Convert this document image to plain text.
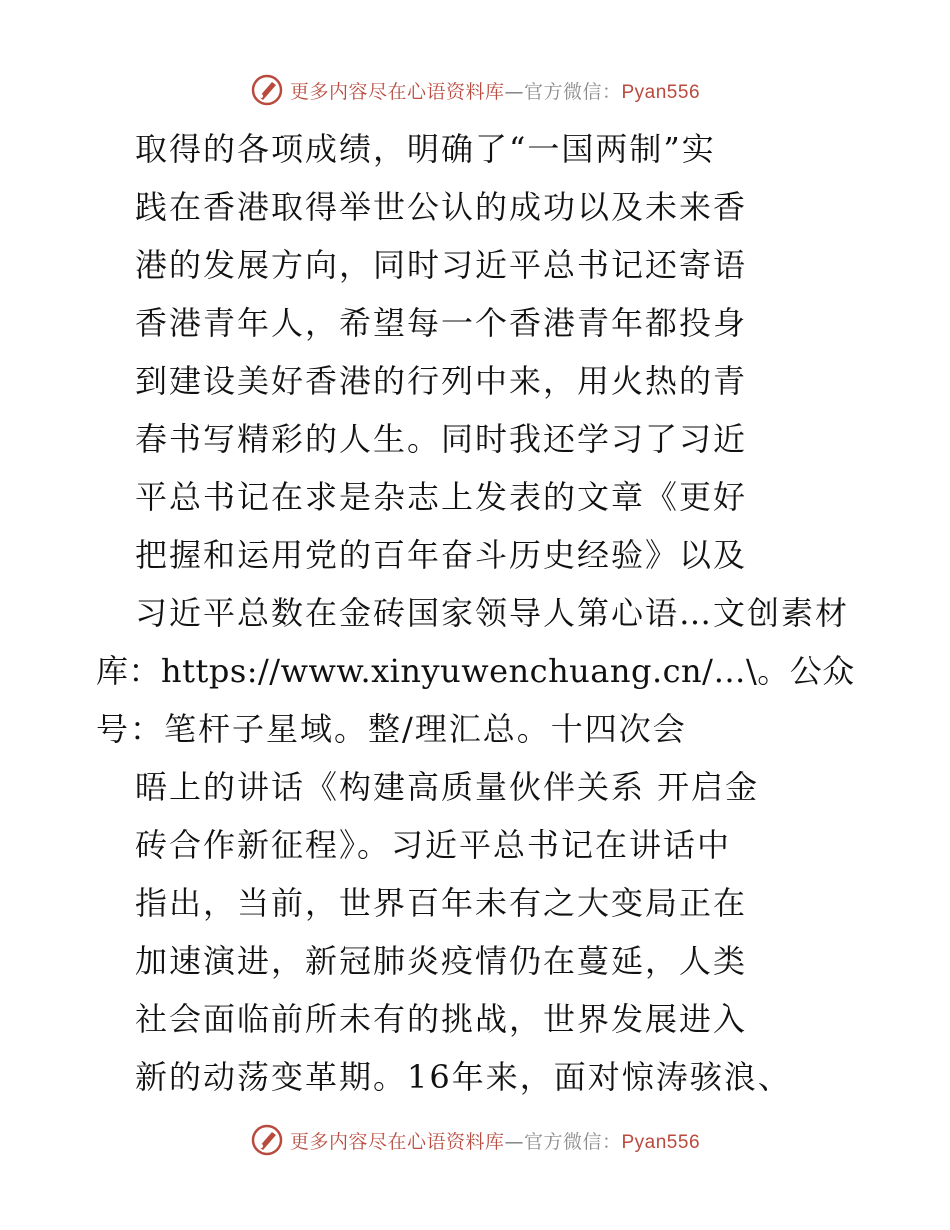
更多内容尽在心语资料库—官方微信：Pyan556
取得的各项成绩，明确了“一国两制”实
践在香港取得举世公认的成功以及未来香
港的发展方向，同时习近平总书记还寄语
香港青年人，希望每一个香港青年都投身
到建设美好香港的行列中来，用火热的青
春书写精彩的人生。同时我还学习了习近
平总书记在求是杂志上发表的文章《更好
把握和运用党的百年奋斗历史经验》以及
习近平总数在金砖国家领导人第心语…文创素材
库：https://www.xinyuwenchuang.cn/…\。公众
号：笔杆子星域。整/理汇总。十四次会
晤上的讲话《构建高质量伙伴关系 开启金
砖合作新征程》。习近平总书记在讲话中
指出，当前，世界百年未有之大变局正在
加速演进，新冠肺炎疫情仍在蔓延，人类
社会面临前所未有的挑战，世界发展进入
新的动荡变革期。16年来，面对惊涛骇浪、
更多内容尽在心语资料库—官方微信：Pyan556
